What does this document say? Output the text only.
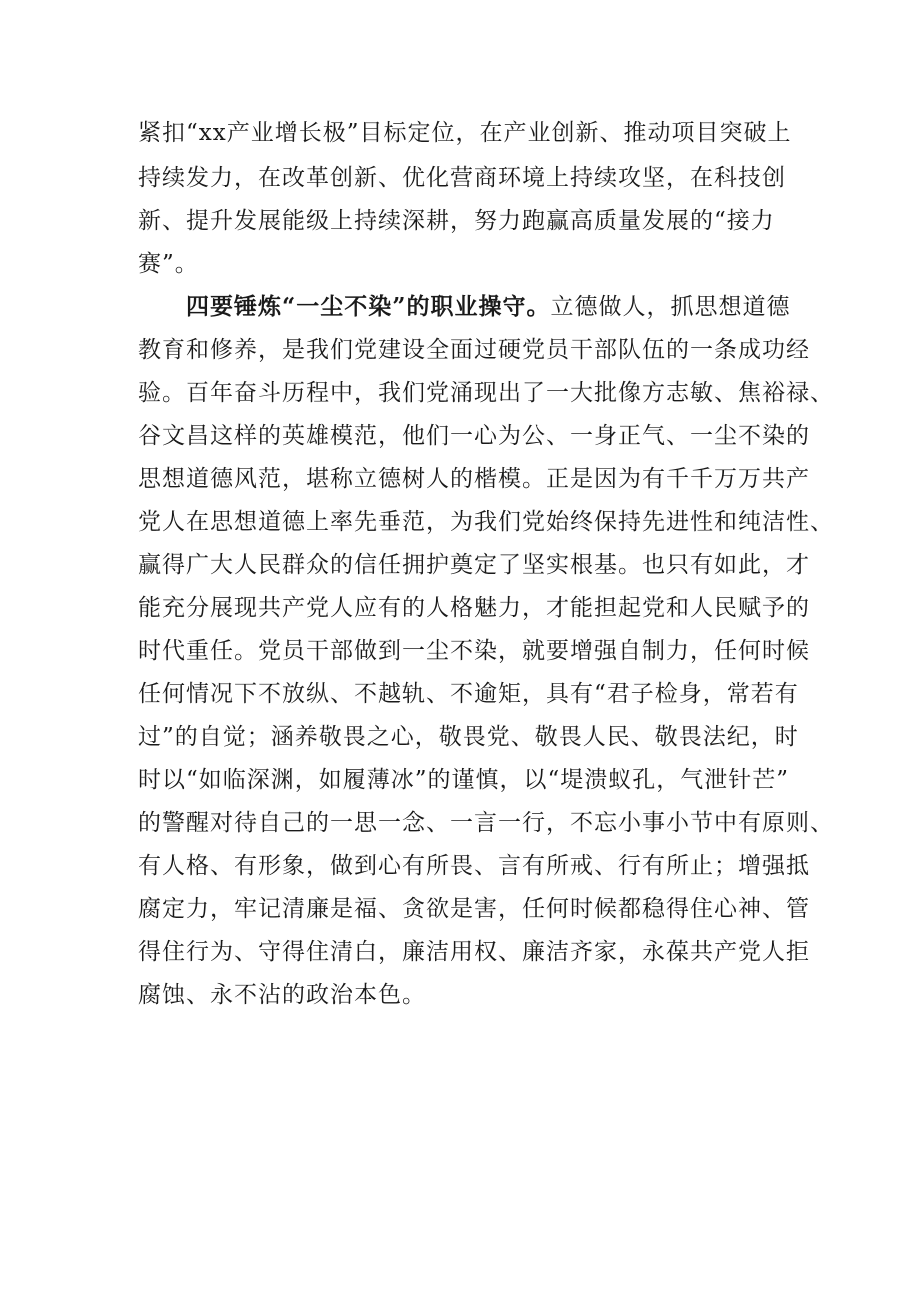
紧扣“xx产业增长极”目标定位，在产业创新、推动项目突破上
持续发力，在改革创新、优化营商环境上持续攻坚，在科技创
新、提升发展能级上持续深耕，努力跑赢高质量发展的“接力
赛”。
四要锤炼“一尘不染”的职业操守。立德做人，抓思想道德
教育和修养，是我们党建设全面过硬党员干部队伍的一条成功经
验。百年奋斗历程中，我们党涌现出了一大批像方志敏、焦裕禄、
谷文昌这样的英雄模范，他们一心为公、一身正气、一尘不染的
思想道德风范，堪称立德树人的楷模。正是因为有千千万万共产
党人在思想道德上率先垂范，为我们党始终保持先进性和纯洁性、
赢得广大人民群众的信任拥护奠定了坚实根基。也只有如此，才
能充分展现共产党人应有的人格魅力，才能担起党和人民赋予的
时代重任。党员干部做到一尘不染，就要增强自制力，任何时候
任何情况下不放纵、不越轨、不逾矩，具有“君子检身，常若有
过”的自觉；涵养敬畏之心，敬畏党、敬畏人民、敬畏法纪，时
时以“如临深渊，如履薄冰”的谨慎，以“堤溃蚁孔，气泄针芒”
的警醒对待自己的一思一念、一言一行，不忘小事小节中有原则、
有人格、有形象，做到心有所畏、言有所戒、行有所止；增强抵
腐定力，牢记清廉是福、贪欲是害，任何时候都稳得住心神、管
得住行为、守得住清白，廉洁用权、廉洁齐家，永葆共产党人拒
腐蚀、永不沾的政治本色。
